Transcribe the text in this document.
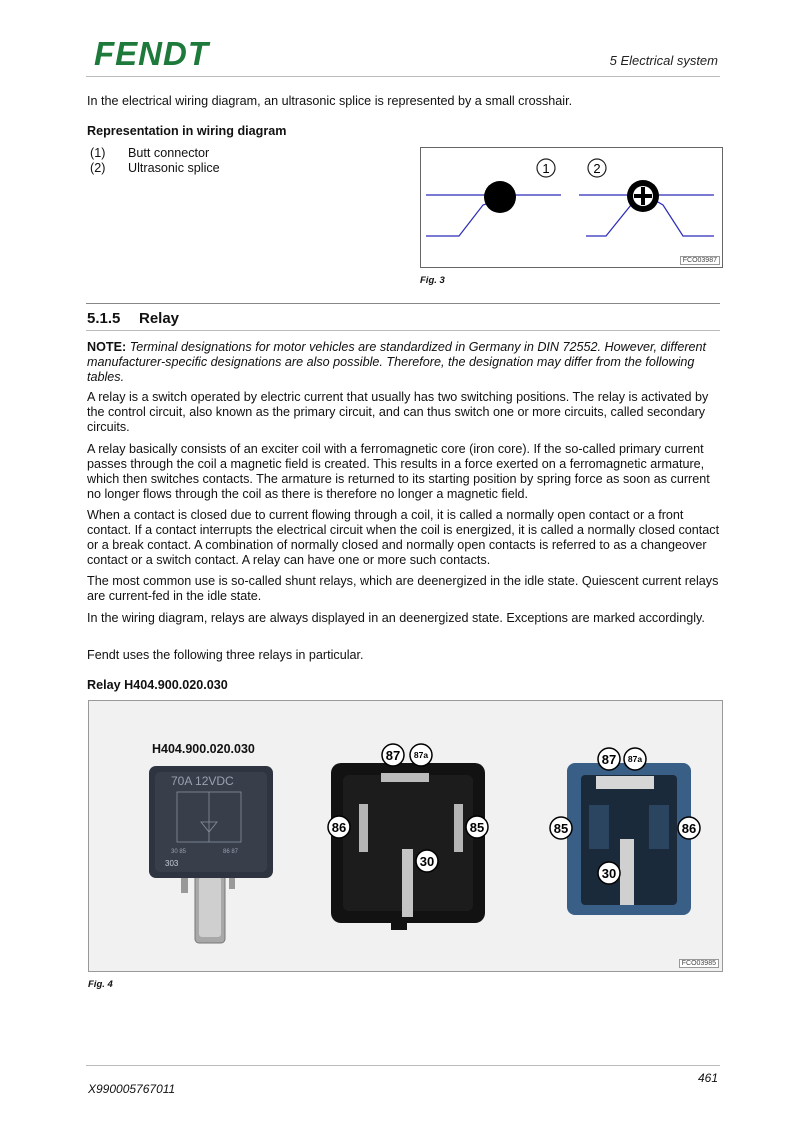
FENDT	5 Electrical system
In the electrical wiring diagram, an ultrasonic splice is represented by a small crosshair.
Representation in wiring diagram
(1)	Butt connector
(2)	Ultrasonic splice	1	2
FCO03987
Fig. 3
5.1.5 Relay
NOTE: Terminal designations for motor vehicles are standardized in Germany in DIN 72552. However, different manufacturer-specific designations are also possible. Therefore, the designation may differ from the following tables.
A relay is a switch operated by electric current that usually has two switching positions. The relay is activated by the control circuit, also known as the primary circuit, and can thus switch one or more circuits, called secondary circuits.
A relay basically consists of an exciter coil with a ferromagnetic core (iron core). If the so-called primary current passes through the coil a magnetic field is created. This results in a force exerted on a ferromagnetic armature, which then switches contacts. The armature is returned to its starting position by spring force as soon as current no longer flows through the coil as there is therefore no longer a magnetic field.
When a contact is closed due to current flowing through a coil, it is called a normally open contact or a front contact. If a contact interrupts the electrical circuit when the coil is energized, it is called a normally closed contact or a break contact. A combination of normally closed and normally open contacts is referred to as a changeover contact or a switch contact. A relay can have one or more such contacts.
The most common use is so-called shunt relays, which are deenergized in the idle state. Quiescent current relays are current-fed in the idle state.
In the wiring diagram, relays are always displayed in an deenergized state. Exceptions are marked accordingly.
Fendt uses the following three relays in particular.
Relay H404.900.020.030
H404.900.020.030
70A 12VDC
30 85	86 87
303
87 87a
86	85
30
87 87a
85	86
30
FCO03985
Fig. 4
461
X990005767011
